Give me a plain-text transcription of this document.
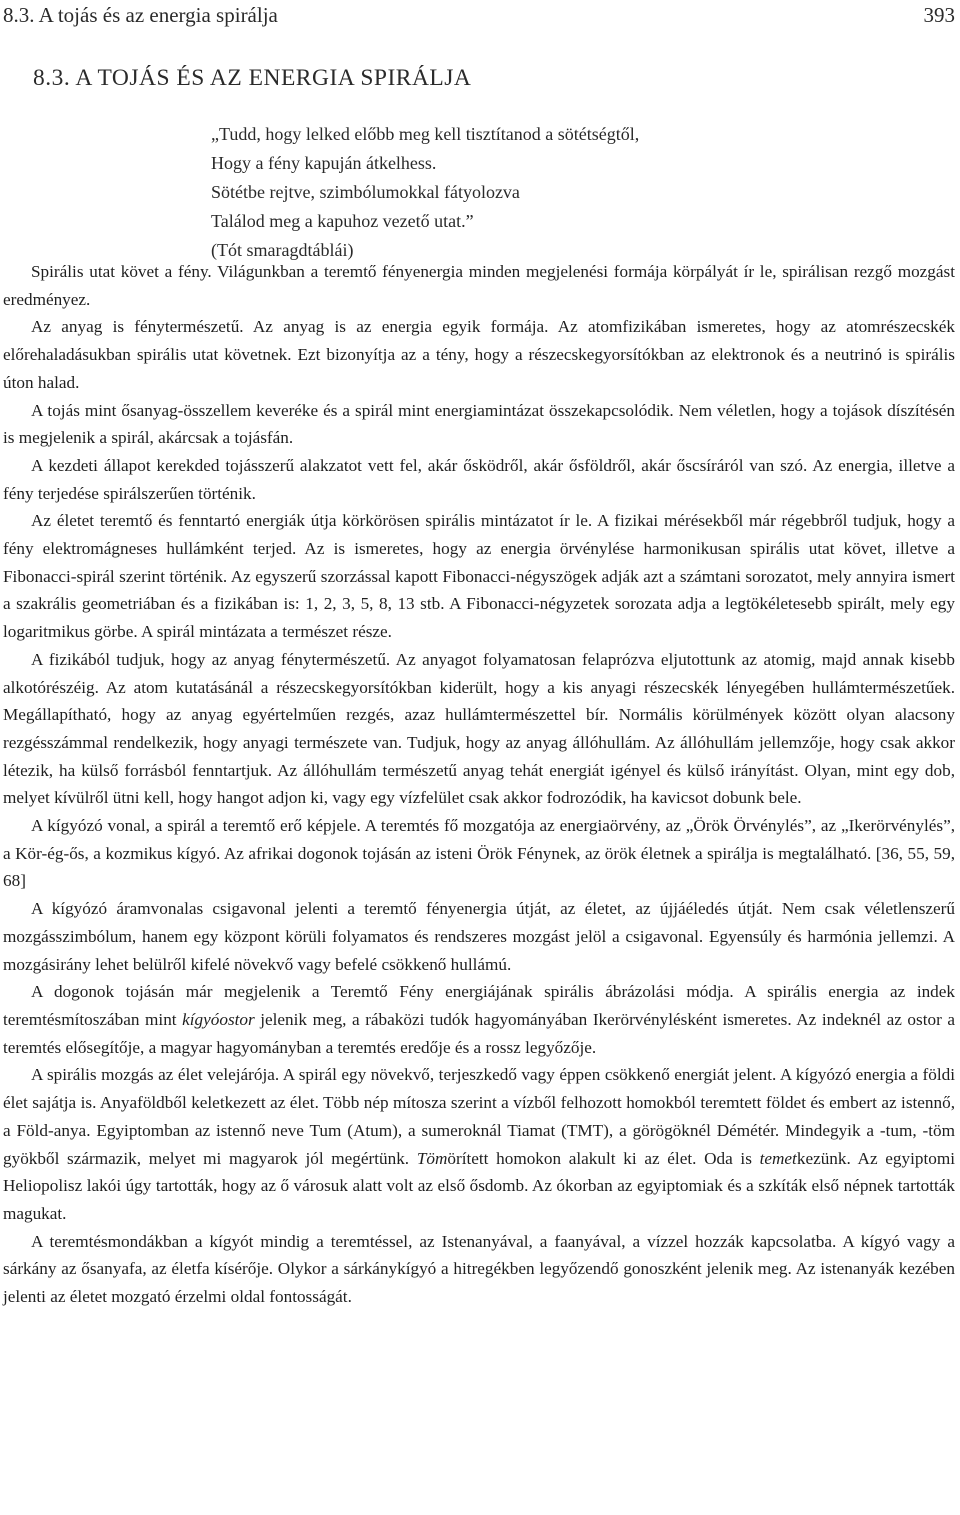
8.3. A tojás és az energia spirálja	393
8.3. A TOJÁS ÉS AZ ENERGIA SPIRÁLJA
„Tudd, hogy lelked előbb meg kell tisztítanod a sötétségtől,
Hogy a fény kapuján átkelhess.
Sötétbe rejtve, szimbólumokkal fátyolozva
Találod meg a kapuhoz vezető utat.”
(Tót smaragdtáblái)

Spirális utat követ a fény. Világunkban a teremtő fényenergia minden megjelenési formája körpályát ír le, spirálisan rezgő mozgást eredményez.

Az anyag is fénytermészetű. Az anyag is az energia egyik formája. Az atomfizikában ismeretes, hogy az atomrészecskék előrehaladásukban spirális utat követnek. Ezt bizonyítja az a tény, hogy a részecskegyorsítókban az elektronok és a neutrinó is spirális úton halad.

A tojás mint ősanyag-összellem keveréke és a spirál mint energiamintázat összekapcsolódik. Nem véletlen, hogy a tojások díszítésén is megjelenik a spirál, akárcsak a tojásfán.

A kezdeti állapot kerekded tojásszerű alakzatot vett fel, akár ősködről, akár ősföldről, akár őscsíráról van szó. Az energia, illetve a fény terjedése spirálszerűen történik.

Az életet teremtő és fenntartó energiák útja körkörösen spirális mintázatot ír le. A fizikai mérésekből már régebbről tudjuk, hogy a fény elektromágneses hullámként terjed. Az is ismeretes, hogy az energia örvénylése harmonikusan spirális utat követ, illetve a Fibonacci-spirál szerint történik. Az egyszerű szorzással kapott Fibonacci-négyszögek adják azt a számtani sorozatot, mely annyira ismert a szakrális geometriában és a fizikában is: 1, 2, 3, 5, 8, 13 stb. A Fibonacci-négyzetek sorozata adja a legtökéletesebb spirált, mely egy logaritmikus görbe. A spirál mintázata a természet része.

A fizikából tudjuk, hogy az anyag fénytermészetű. Az anyagot folyamatosan felaprózva eljutottunk az atomig, majd annak kisebb alkotórészéig. Az atom kutatásánál a részecskegyorsítókban kiderült, hogy a kis anyagi részecskék lényegében hullámtermészetűek. Megállapítható, hogy az anyag egyértelműen rezgés, azaz hullámtermészettel bír. Normális körülmények között olyan alacsony rezgésszámmal rendelkezik, hogy anyagi természete van. Tudjuk, hogy az anyag állóhullám. Az állóhullám jellemzője, hogy csak akkor létezik, ha külső forrásból fenntartjuk. Az állóhullám természetű anyag tehát energiát igényel és külső irányítást. Olyan, mint egy dob, melyet kívülről ütni kell, hogy hangot adjon ki, vagy egy vízfelület csak akkor fodrozódik, ha kavicsot dobunk bele.

A kígyózó vonal, a spirál a teremtő erő képjele. A teremtés fő mozgatója az energiaörvény, az „Örök Örvénylés”, az „Ikerörvénylés”, a Kör-ég-ős, a kozmikus kígyó. Az afrikai dogonok tojásán az isteni Örök Fénynek, az örök életnek a spirálja is megtalálható. [36, 55, 59, 68]

A kígyózó áramvonalas csigavonal jelenti a teremtő fényenergia útját, az életet, az újjáéledés útját. Nem csak véletlenszerű mozgásszimbólum, hanem egy központ körüli folyamatos és rendszeres mozgást jelöl a csigavonal. Egyensúly és harmónia jellemzi. A mozgásirány lehet belülről kifelé növekvő vagy befelé csökkenő hullámú.

A dogonok tojásán már megjelenik a Teremtő Fény energiájának spirális ábrázolási módja. A spirális energia az indek teremtésmítoszában mint kígyóostor jelenik meg, a rábaközi tudók hagyományában Ikerörvénylésként ismeretes. Az indeknél az ostor a teremtés elősegítője, a magyar hagyományban a teremtés eredője és a rossz legyőzője.

A spirális mozgás az élet velejárója. A spirál egy növekvő, terjeszkedő vagy éppen csökkenő energiát jelent. A kígyózó energia a földi élet sajátja is. Anyaföldből keletkezett az élet. Több nép mítosza szerint a vízből felhozott homokból teremtett földet és embert az istennő, a Föld-anya. Egyiptomban az istennő neve Tum (Atum), a sumeroknál Tiamat (TMT), a görögöknél Démétér. Mindegyik a -tum, -töm gyökből származik, melyet mi magyarok jól megértünk. Tömörített homokon alakult ki az élet. Oda is temetkezünk. Az egyiptomi Heliopolisz lakói úgy tartották, hogy az ő városuk alatt volt az első ősdomb. Az ókorban az egyiptomiak és a szkíták első népnek tartották magukat.

A teremtésmondákban a kígyót mindig a teremtéssel, az Istenanyával, a faanyával, a vízzel hozzák kapcsolatba. A kígyó vagy a sárkány az ősanyafa, az életfa kísérője. Olykor a sárkánykígyó a hitregékben legyőzendő gonoszként jelenik meg. Az istenanyák kezében jelenti az életet mozgató érzelmi oldal fontosságát.
